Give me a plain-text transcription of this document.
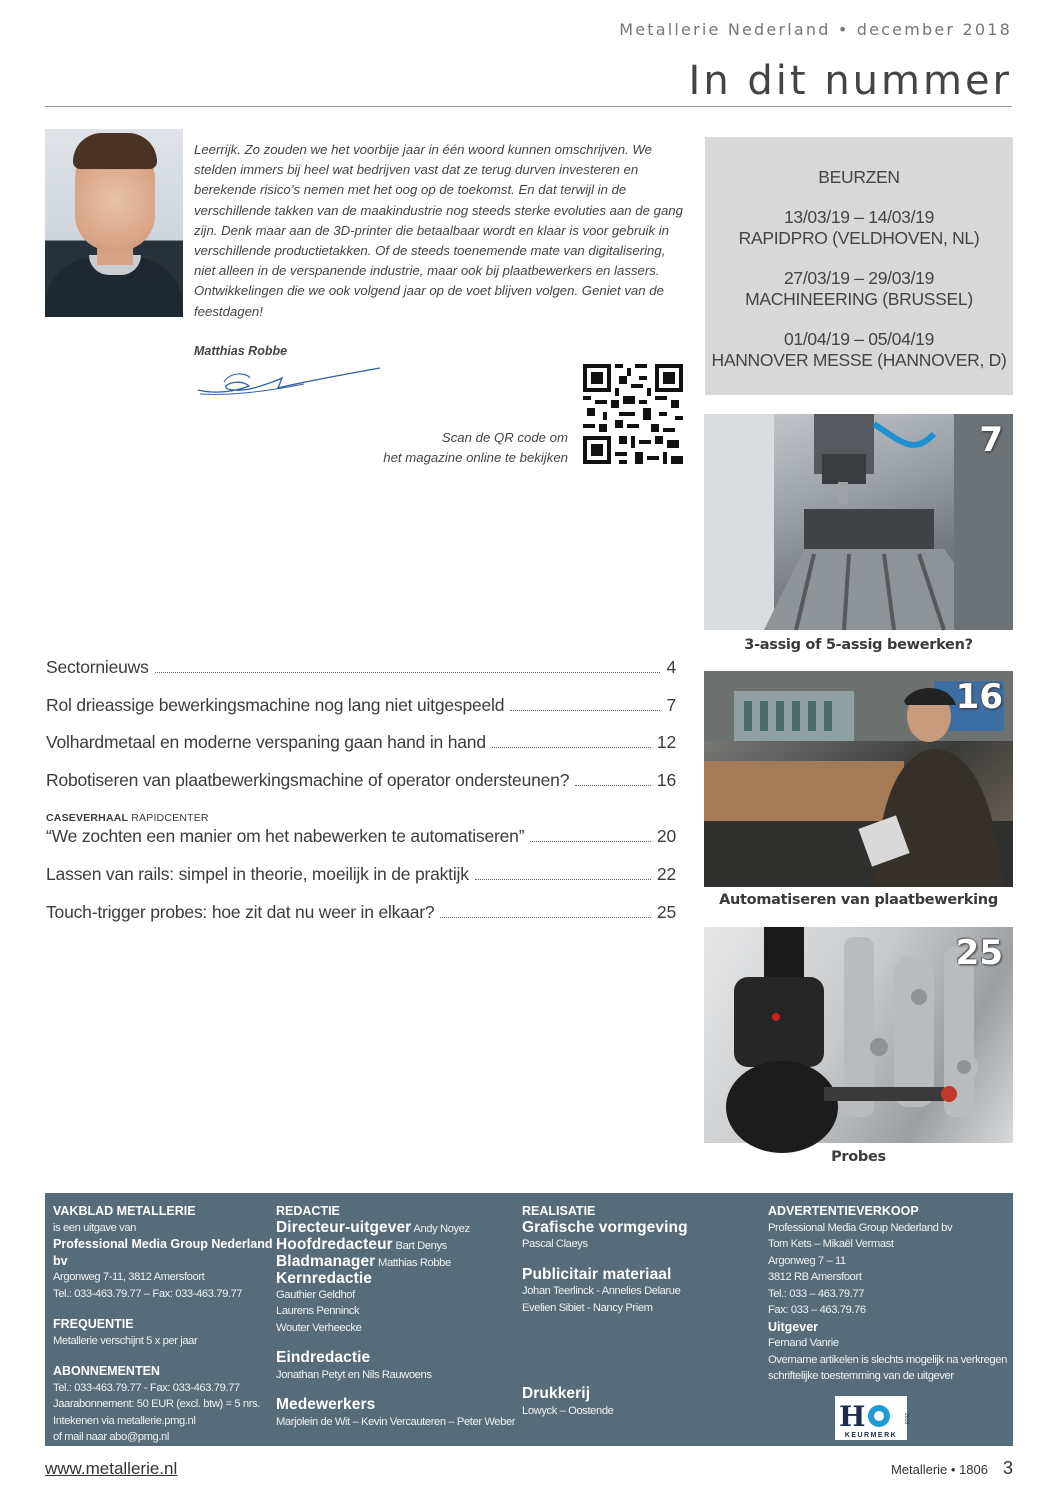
Metallerie Nederland • december 2018
In dit nummer

Leerrijk. Zo zouden we het voorbije jaar in één woord kunnen omschrijven. We stelden immers bij heel wat bedrijven vast dat ze terug durven investeren en berekende risico’s nemen met het oog op de toekomst. En dat terwijl in de verschillende takken van de maakindustrie nog steeds sterke evoluties aan de gang zijn. Denk maar aan de 3D-printer die betaalbaar wordt en klaar is voor gebruik in verschillende productietakken. Of de steeds toenemende mate van digitalisering, niet alleen in de verspanende industrie, maar ook bij plaatbewerkers en lassers. Ontwikkelingen die we ook volgend jaar op de voet blijven volgen. Geniet van de feestdagen!

Matthias Robbe
Scan de QR code om
het magazine online te bekijken
BEURZEN
13/03/19 – 14/03/19
RAPIDPRO (VELDHOVEN, NL)
27/03/19 – 29/03/19
MACHINEERING (BRUSSEL)
01/04/19 – 05/04/19
HANNOVER MESSE (HANNOVER, D)
7
3-assig of 5-assig bewerken?
16
Automatiseren van plaatbewerking
25
Probes
Sectornieuws	4
Rol drieassige bewerkingsmachine nog lang niet uitgespeeld	7
Volhardmetaal en moderne verspaning gaan hand in hand	12
Robotiseren van plaatbewerkingsmachine of operator ondersteunen?	16
CASEVERHAAL RAPIDCENTER
“We zochten een manier om het nabewerken te automatiseren”	20
Lassen van rails: simpel in theorie, moeilijk in de praktijk	22
Touch-trigger probes: hoe zit dat nu weer in elkaar?	25
VAKBLAD METALLERIE
is een uitgave van
Professional Media Group Nederland bv
Argonweg 7-11, 3812 Amersfoort
Tel.: 033-463.79.77 – Fax: 033-463.79.77
FREQUENTIE
Metallerie verschijnt 5 x per jaar
ABONNEMENTEN
Tel.: 033-463.79.77 - Fax: 033-463.79.77
Jaarabonnement: 50 EUR (excl. btw) = 5 nrs.
Intekenen via metallerie.pmg.nl
of mail naar abo@pmg.nl
REDACTIE
Directeur-uitgever Andy Noyez
Hoofdredacteur Bart Denys
Bladmanager Matthias Robbe
Kernredactie
Gauthier Geldhof
Laurens Penninck
Wouter Verheecke
Eindredactie
Jonathan Petyt en Nils Rauwoens
Medewerkers
Marjolein de Wit – Kevin Vercauteren – Peter Weber
REALISATIE
Grafische vormgeving
Pascal Claeys
Publicitair materiaal
Johan Teerlinck - Annelies Delarue
Evelien Sibiet - Nancy Priem
Drukkerij
Lowyck – Oostende
ADVERTENTIEVERKOOP
Professional Media Group Nederland bv
Tom Kets – Mikaël Vermast
Argonweg 7 – 11
3812 RB Amersfoort
Tel.: 033 – 463.79.77
Fax: 033 – 463.79.76
Uitgever
Fernand Vanrie
Overname artikelen is slechts mogelijk na verkregen
schriftelijke toestemming van de uitgever
H	2018
KEURMERK
www.metallerie.nl	Metallerie • 1806 3
